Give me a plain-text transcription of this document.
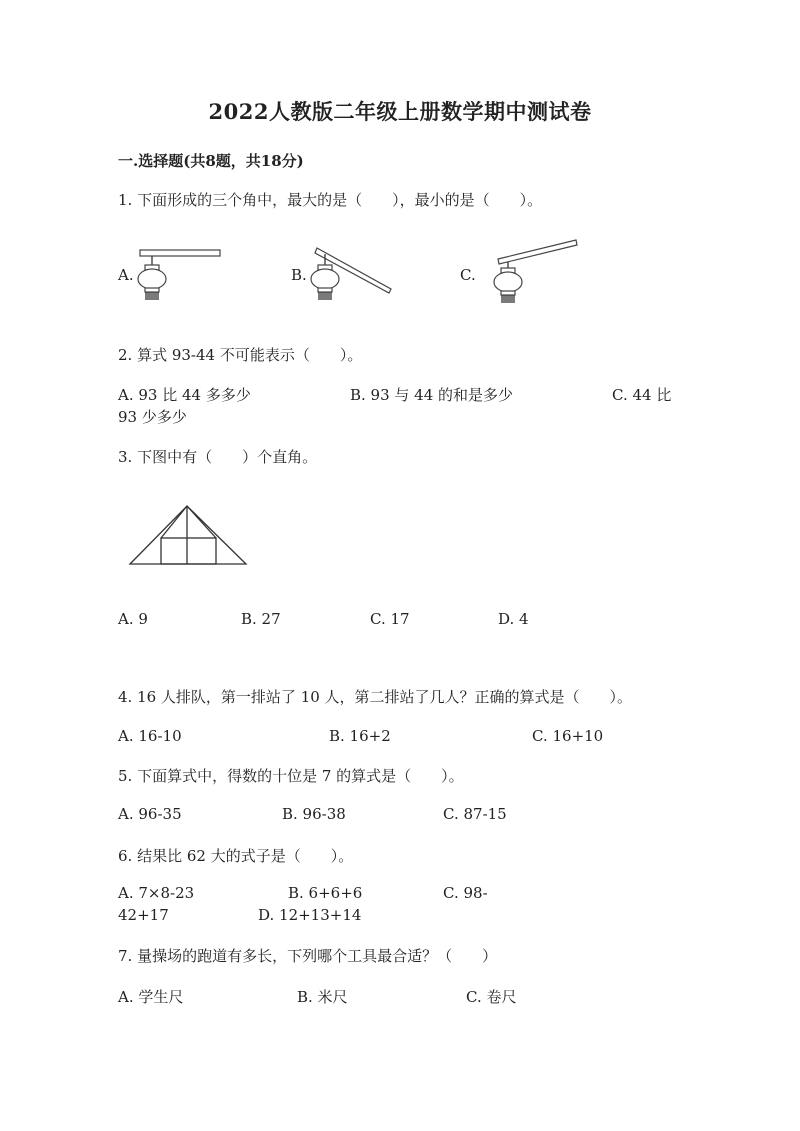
2022人教版二年级上册数学期中测试卷
一.选择题(共8题，共18分)
1. 下面形成的三个角中，最大的是（　　），最小的是（　　）。
A.	B.	C.
2. 算式 93-44 不可能表示（　　）。
A. 93 比 44 多多少	B. 93 与 44 的和是多少	C. 44 比
93 少多少
3. 下图中有（　　）个直角。
A. 9	B. 27	C. 17	D. 4
4. 16 人排队，第一排站了 10 人，第二排站了几人？正确的算式是（　　）。
A. 16-10	B. 16+2	C. 16+10
5. 下面算式中，得数的十位是 7 的算式是（　　）。
A. 96-35	B. 96-38	C. 87-15
6. 结果比 62 大的式子是（　　）。
A. 7×8-23	B. 6+6+6	C. 98-
42+17	D. 12+13+14
7. 量操场的跑道有多长，下列哪个工具最合适？（　　）
A. 学生尺	B. 米尺	C. 卷尺
